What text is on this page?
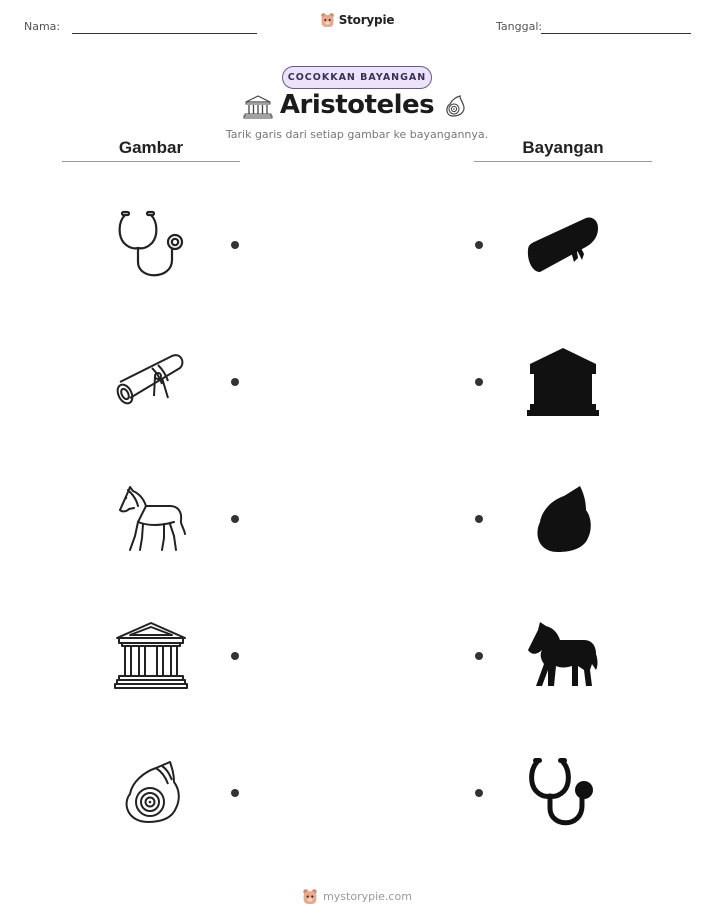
Nama:	Storypie	Tanggal:
COCOKKAN BAYANGAN
Aristoteles
Tarik garis dari setiap gambar ke bayangannya.
Gambar	Bayangan
mystorypie.com
